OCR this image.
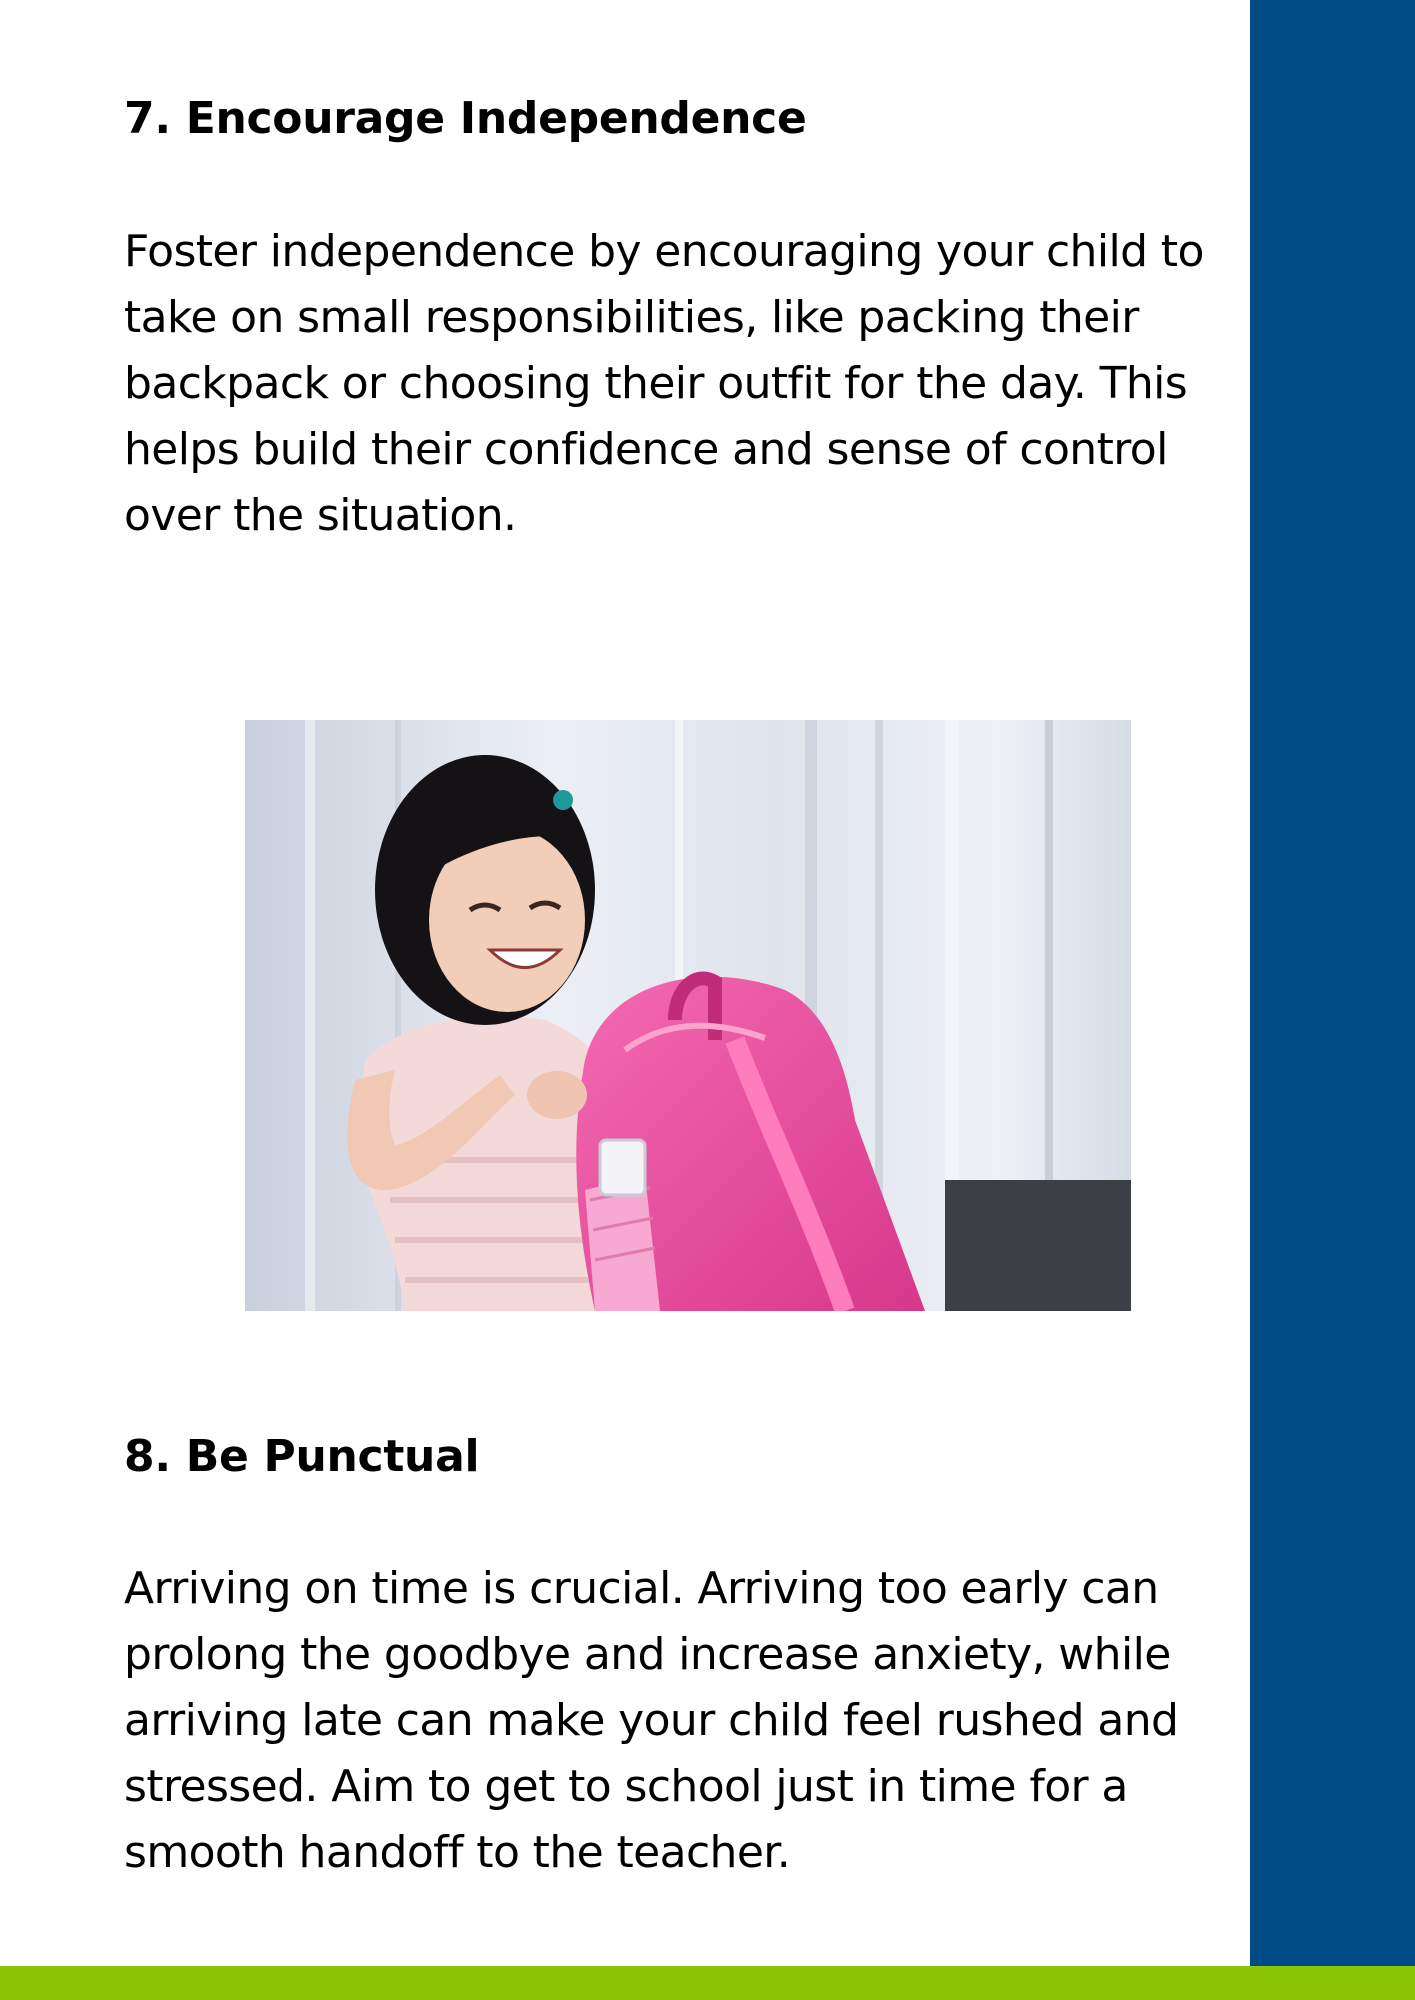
7. Encourage Independence

Foster independence by encouraging your child to take on small responsibilities, like packing their backpack or choosing their outfit for the day. This helps build their confidence and sense of control over the situation.

8. Be Punctual

Arriving on time is crucial. Arriving too early can prolong the goodbye and increase anxiety, while arriving late can make your child feel rushed and stressed. Aim to get to school just in time for a smooth handoff to the teacher.
